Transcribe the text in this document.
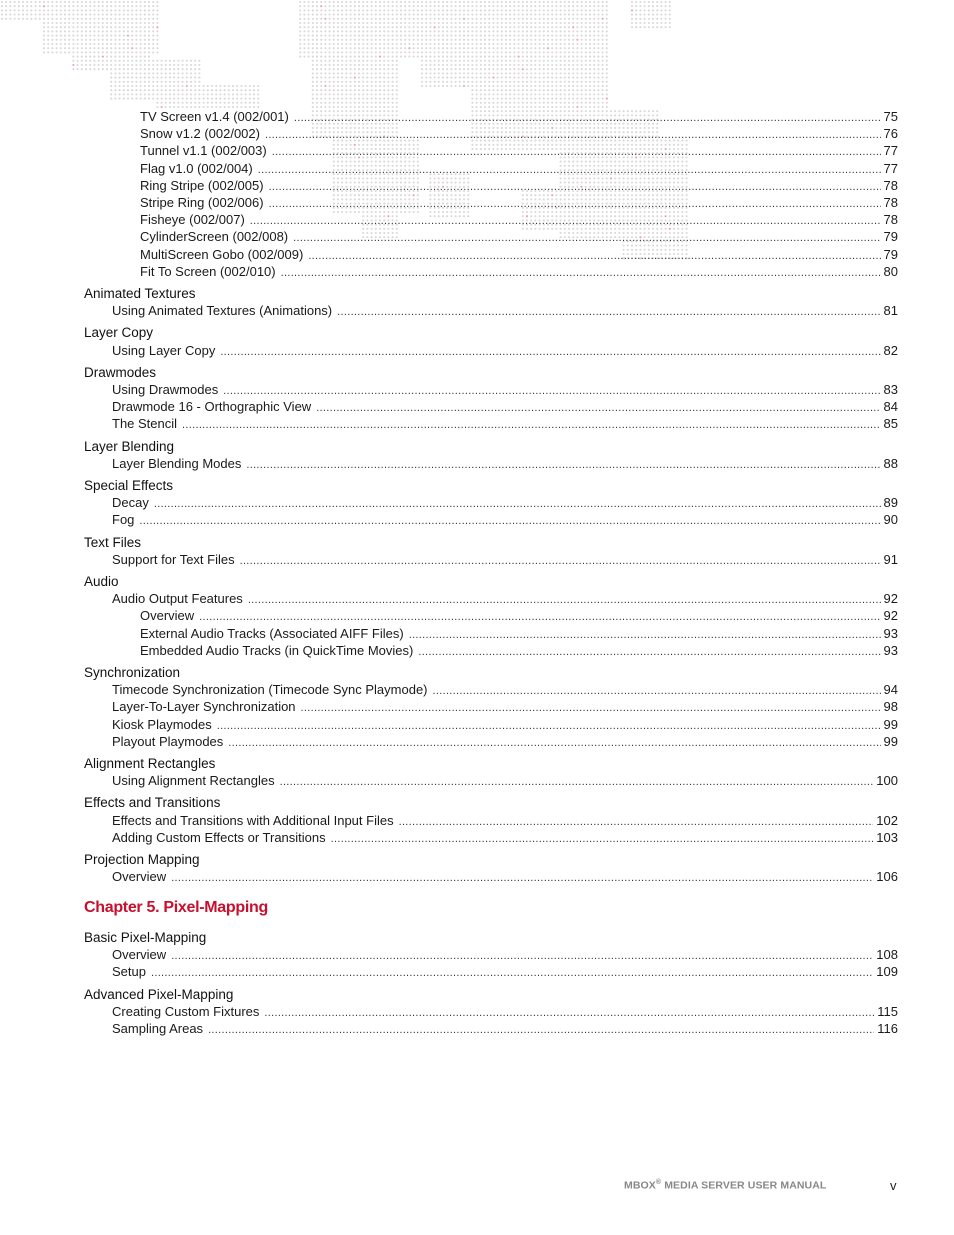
TV Screen v1.4 (002/001) .....	75
Snow v1.2 (002/002) .....	76
Tunnel v1.1 (002/003) .....	77
Flag v1.0 (002/004) .....	77
Ring Stripe (002/005) .....	78
Stripe Ring (002/006) .....	78
Fisheye (002/007) .....	78
CylinderScreen (002/008) .....	79
MultiScreen Gobo (002/009) .....	79
Fit To Screen (002/010) .....	80
Animated Textures
Using Animated Textures (Animations) .....	81
Layer Copy
Using Layer Copy .....	82
Drawmodes
Using Drawmodes .....	83
Drawmode 16 - Orthographic View .....	84
The Stencil .....	85
Layer Blending
Layer Blending Modes .....	88
Special Effects
Decay .....	89
Fog .....	90
Text Files
Support for Text Files .....	91
Audio
Audio Output Features .....	92
Overview .....	92
External Audio Tracks (Associated AIFF Files) .....	93
Embedded Audio Tracks (in QuickTime Movies) .....	93
Synchronization
Timecode Synchronization (Timecode Sync Playmode) .....	94
Layer-To-Layer Synchronization .....	98
Kiosk Playmodes .....	99
Playout Playmodes .....	99
Alignment Rectangles
Using Alignment Rectangles .....	100
Effects and Transitions
Effects and Transitions with Additional Input Files .....	102
Adding Custom Effects or Transitions .....	103
Projection Mapping
Overview .....	106
Chapter 5. Pixel-Mapping
Basic Pixel-Mapping
Overview .....	108
Setup .....	109
Advanced Pixel-Mapping
Creating Custom Fixtures .....	115
Sampling Areas .....	116
MBOX® MEDIA SERVER USER MANUAL	v
